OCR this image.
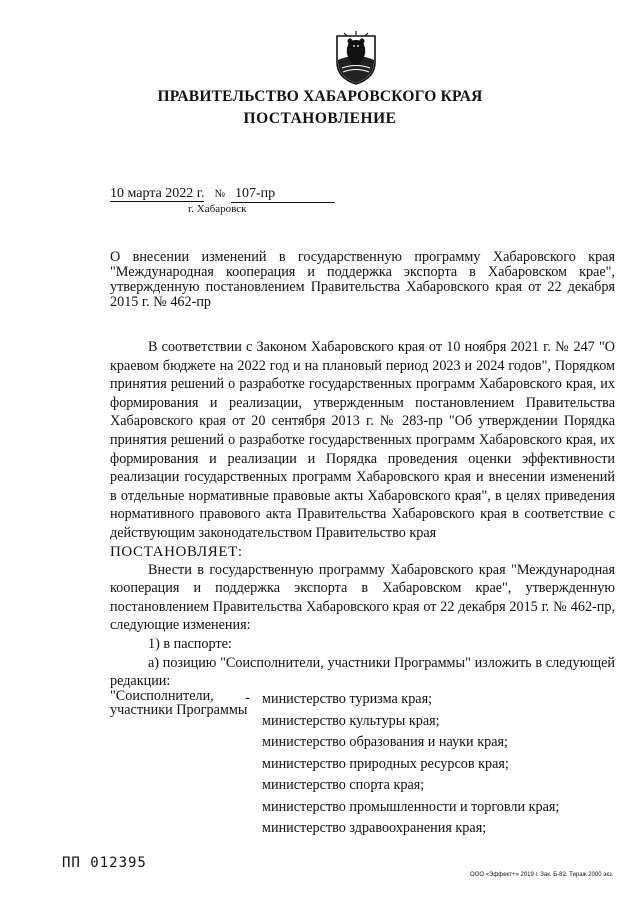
ПРАВИТЕЛЬСТВО ХАБАРОВСКОГО КРАЯ
ПОСТАНОВЛЕНИЕ
10 марта 2022 г. № 107-пр
г. Хабаровск
О внесении изменений в государственную программу Хабаровского края "Международная кооперация и поддержка экспорта в Хабаровском крае", утвержденную постановлением Правительства Хабаровского края от 22 декабря 2015 г. № 462-пр

В соответствии с Законом Хабаровского края от 10 ноября 2021 г. № 247 "О краевом бюджете на 2022 год и на плановый период 2023 и 2024 годов", Порядком принятия решений о разработке государственных программ Хабаровского края, их формирования и реализации, утвержденным постановлением Правительства Хабаровского края от 20 сентября 2013 г. № 283-пр "Об утверждении Порядка принятия решений о разработке государственных программ Хабаровского края, их формирования и реализации и Порядка проведения оценки эффективности реализации государственных программ Хабаровского края и внесении изменений в отдельные нормативные правовые акты Хабаровского края", в целях приведения нормативного правового акта Правительства Хабаровского края в соответствие с действующим законодательством Правительство края

ПОСТАНОВЛЯЕТ:

Внести в государственную программу Хабаровского края "Международная кооперация и поддержка экспорта в Хабаровском крае", утвержденную постановлением Правительства Хабаровского края от 22 декабря 2015 г. № 462-пр, следующие изменения:

1) в паспорте:

а) позицию "Соисполнители, участники Программы" изложить в следующей редакции:

"Соисполнители, участники Программы
- министерство туризма края;
министерство культуры края;
министерство образования и науки края;
министерство природных ресурсов края;
министерство спорта края;
министерство промышленности и торговли края;
министерство здравоохранения края;
ПП 012395
ООО «Эффект+» 2019 г. Зак. Б-82. Тираж 2000 экз.
